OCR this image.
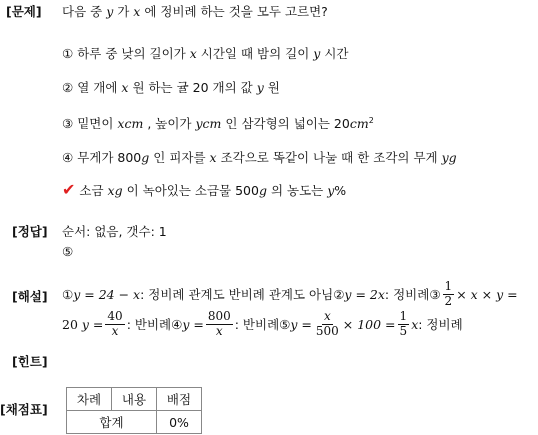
[문제] 다음 중 y 가 x 에 정비례 하는 것을 모두 고르면?
① 하루 중 낮의 길이가 x 시간일 때 밤의 길이 y 시간
② 열 개에 x 원 하는 귤 20 개의 값 y 원
③ 밑면이 xcm , 높이가 ycm 인 삼각형의 넓이는 $20cm^2$
④ 무게가 800g 인 피자를 x 조각으로 똑같이 나눌 때 한 조각의 무게 yg
✔ 소금 xg 이 녹아있는 소금물 500g 의 농도는 y%
[정답] 순서: 없음, 갯수: 1
⑤
[해설] ① y = 24 − x : 정비례 관계도 반비례 관계도 아님② y = 2x : 정비례③ $\frac{1}{2} \times x \times y$ =
20
$y = \frac{40}{x}$ : 반비례④ $y = \frac{800}{x}$ : 반비례⑤ $y = \frac{x}{500} \times 100 = \frac{1}{5}$ x : 정비례
[힌트]
[채점표]
차례	내용	배점
합계		0%
